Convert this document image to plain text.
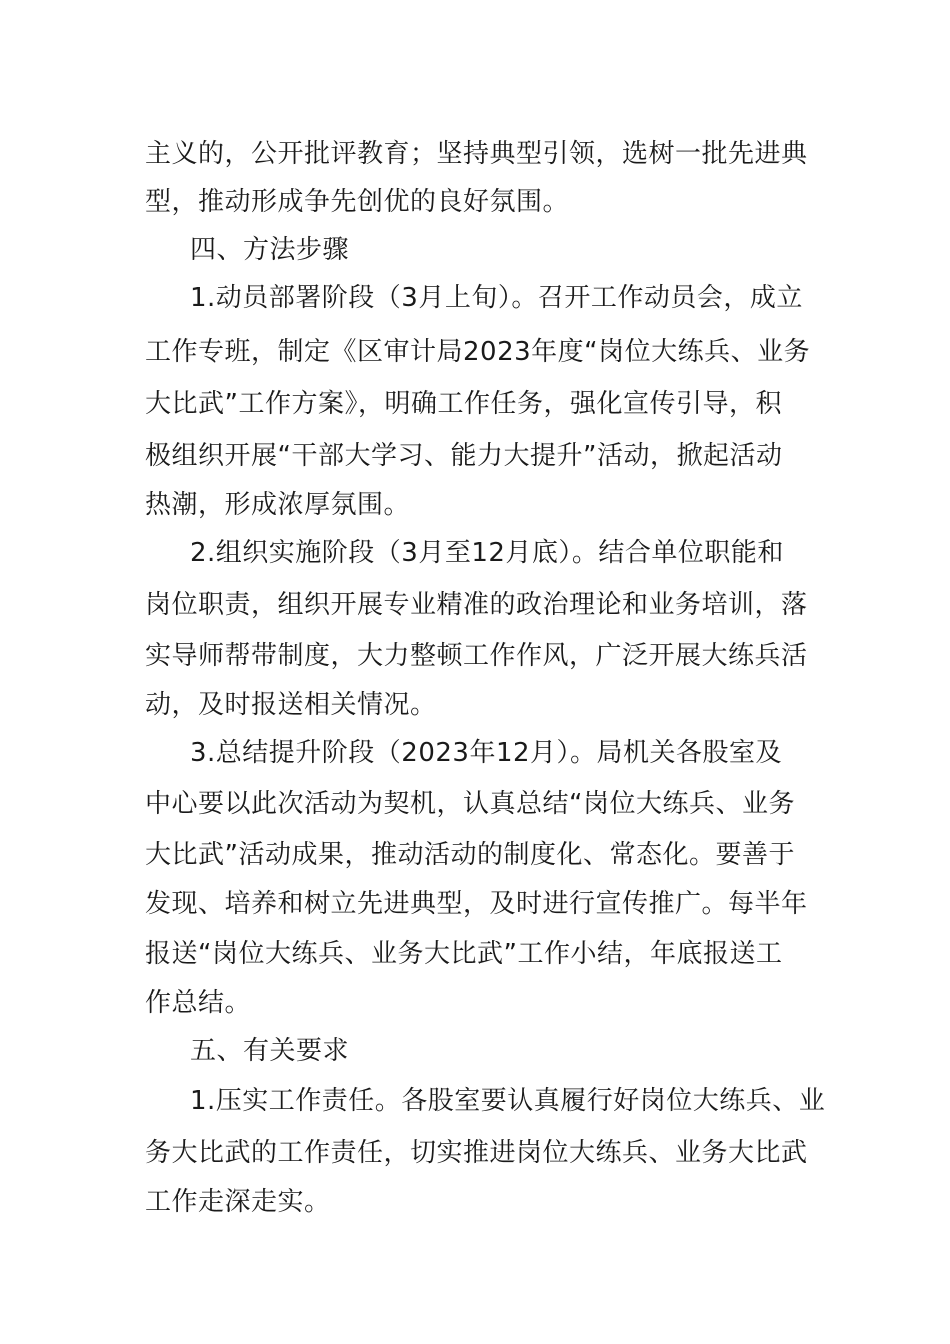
主义的，公开批评教育；坚持典型引领，选树一批先进典
型，推动形成争先创优的良好氛围。
四、方法步骤
1.动员部署阶段（3月上旬）。召开工作动员会，成立
工作专班，制定《区审计局2023年度“岗位大练兵、业务
大比武”工作方案》，明确工作任务，强化宣传引导，积
极组织开展“干部大学习、能力大提升”活动，掀起活动
热潮，形成浓厚氛围。
2.组织实施阶段（3月至12月底）。结合单位职能和
岗位职责，组织开展专业精准的政治理论和业务培训，落
实导师帮带制度，大力整顿工作作风，广泛开展大练兵活
动，及时报送相关情况。
3.总结提升阶段（2023年12月）。局机关各股室及
中心要以此次活动为契机，认真总结“岗位大练兵、业务
大比武”活动成果，推动活动的制度化、常态化。要善于
发现、培养和树立先进典型，及时进行宣传推广。每半年
报送“岗位大练兵、业务大比武”工作小结，年底报送工
作总结。
五、有关要求
1.压实工作责任。各股室要认真履行好岗位大练兵、业
务大比武的工作责任，切实推进岗位大练兵、业务大比武
工作走深走实。
